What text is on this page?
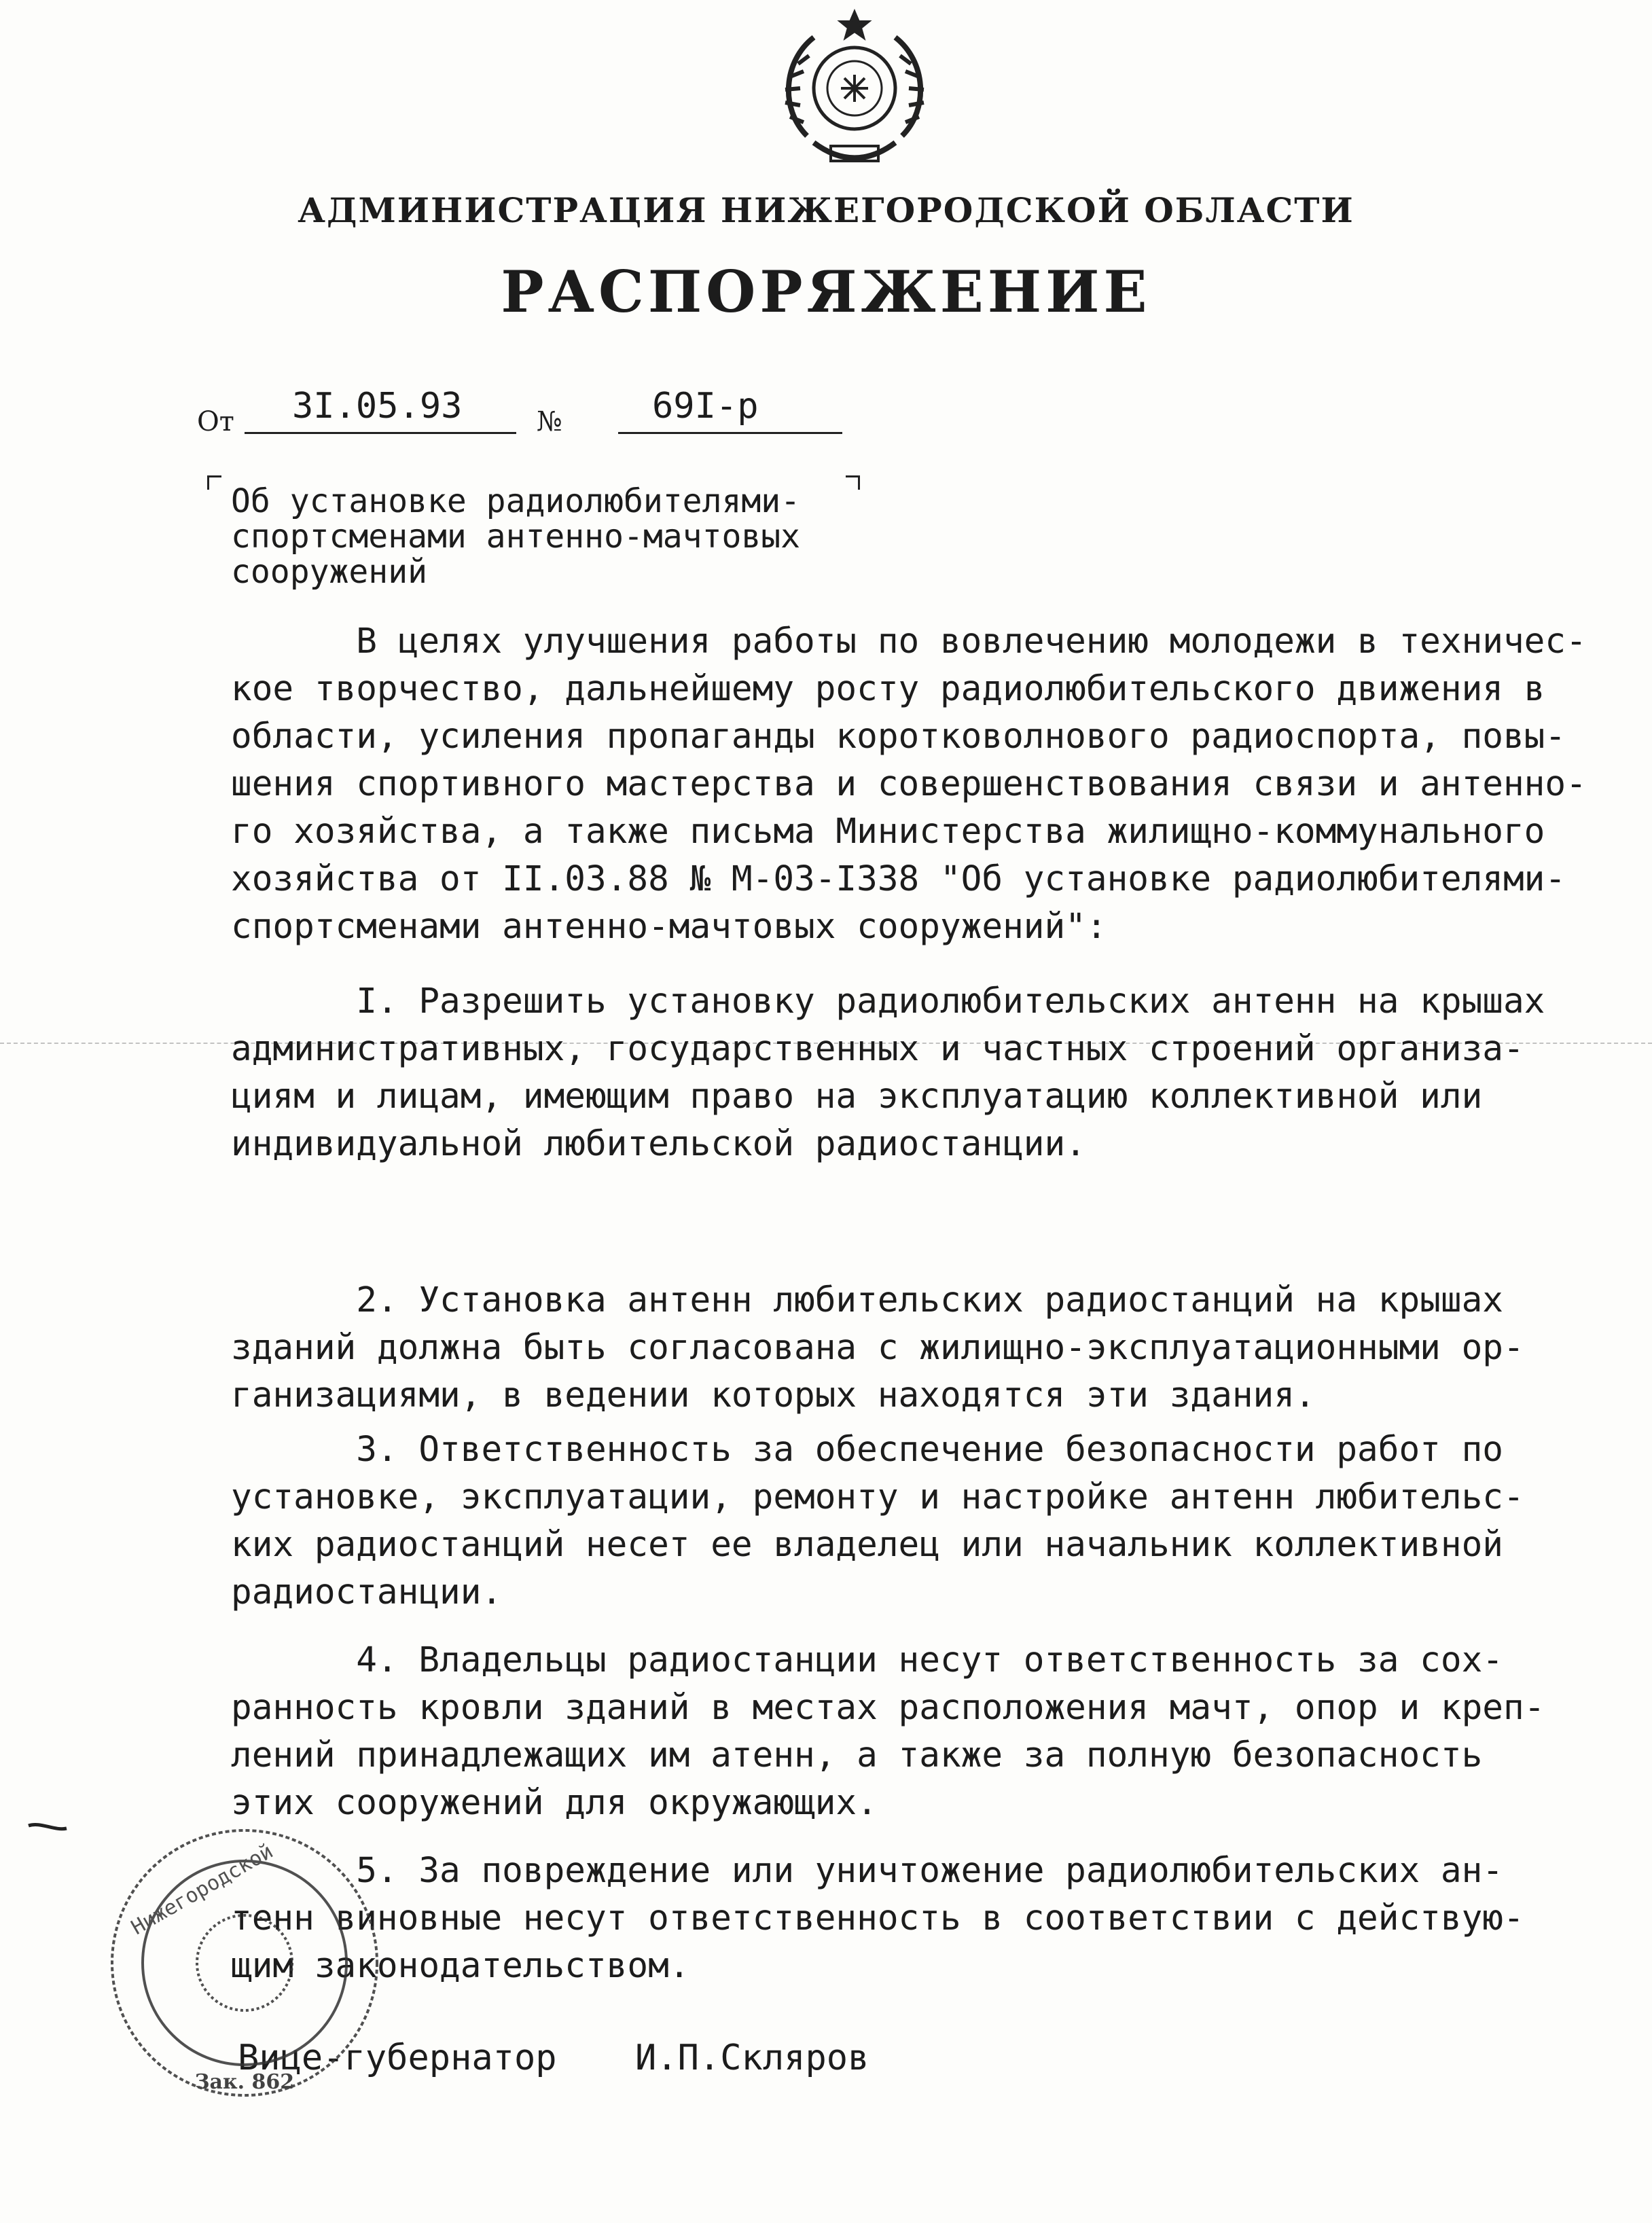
АДМИНИСТРАЦИЯ НИЖЕГОРОДСКОЙ ОБЛАСТИ
РАСПОРЯЖЕНИЕ
От 3I.05.93	№	69I-р
Об установке радиолюбителями-
спортсменами антенно-мачтовых
сооружений
В целях улучшения работы по вовлечению молодежи в техничес-
кое творчество, дальнейшему росту радиолюбительского движения в
области, усиления пропаганды коротковолнового радиоспорта, повы-
шения спортивного мастерства и совершенствования связи и антенно-
го хозяйства, а также письма Министерства жилищно-коммунального
хозяйства от II.03.88 № М-03-I338 "Об установке радиолюбителями-
спортсменами антенно-мачтовых сооружений":
I. Разрешить установку радиолюбительских антенн на крышах
административных, государственных и частных строений организа-
циям и лицам, имеющим право на эксплуатацию коллективной или
индивидуальной любительской радиостанции.
2. Установка антенн любительских радиостанций на крышах
зданий должна быть согласована с жилищно-эксплуатационными ор-
ганизациями, в ведении которых находятся эти здания.
3. Ответственность за обеспечение безопасности работ по
установке, эксплуатации, ремонту и настройке антенн любительс-
ких радиостанций несет ее владелец или начальник коллективной
радиостанции.
4. Владельцы радиостанции несут ответственность за сох-
ранность кровли зданий в местах расположения мачт, опор и креп-
лений принадлежащих им атенн, а также за полную безопасность
этих сооружений для окружающих.
5. За повреждение или уничтожение радиолюбительских ан-
тенн виновные несут ответственность в соответствии с действую-
щим законодательством.
Вице-губернатор И.П.Скляров
Нижегородской
Зак. 862
